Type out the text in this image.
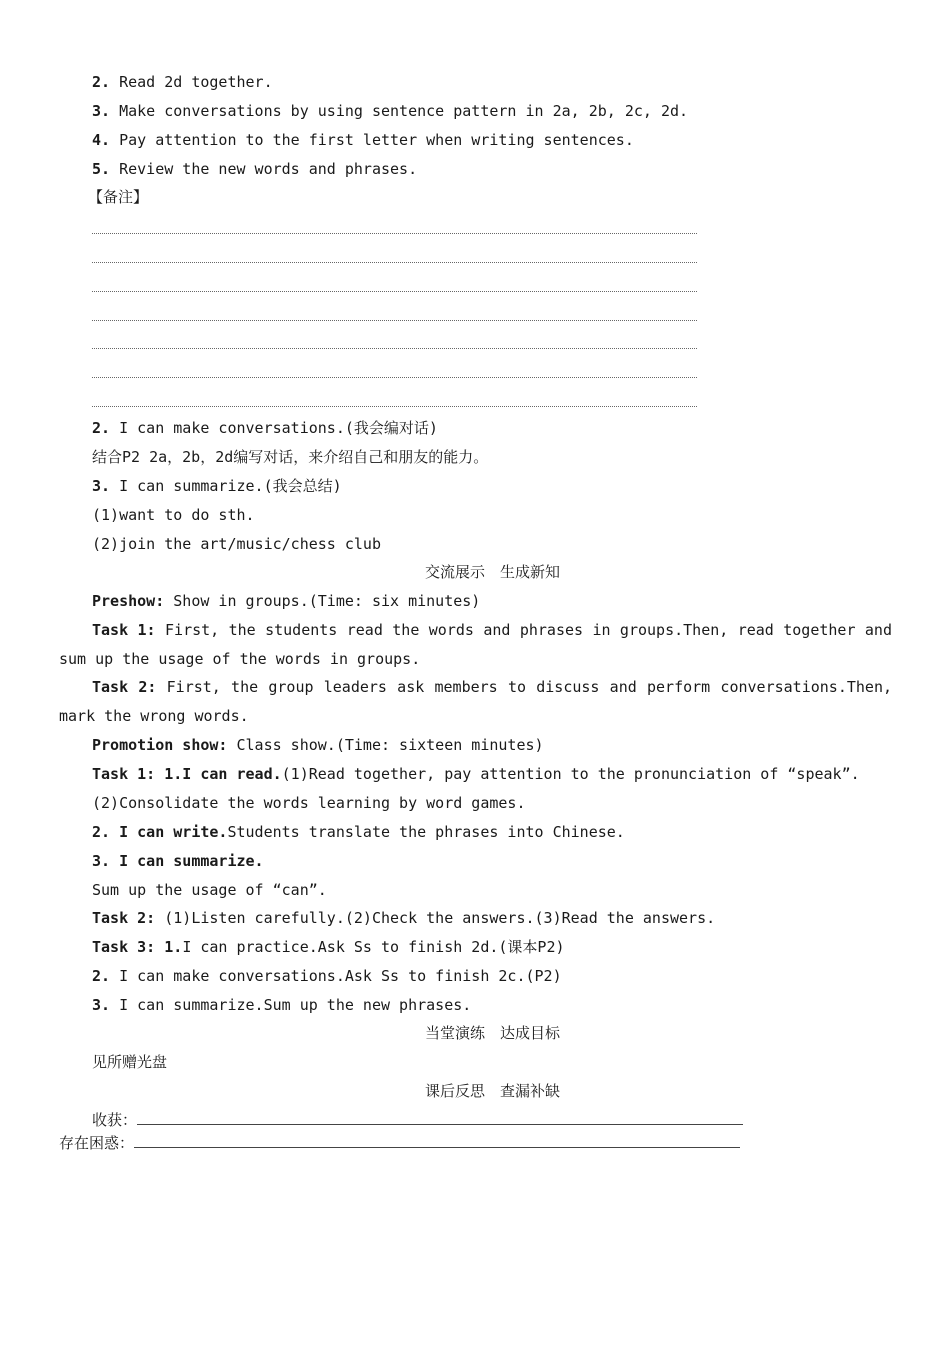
2. Read 2d together.
3. Make conversations by using sentence pattern in 2a, 2b, 2c, 2d.
4. Pay attention to the first letter when writing sentences.
5. Review the new words and phrases.
【备注】
2. I can make conversations.(我会编对话)
结合P2 2a，2b，2d编写对话，来介绍自己和朋友的能力。
3. I can summarize.(我会总结)
(1)want to do sth.
(2)join the art/music/chess club
交流展示　生成新知
Preshow: Show in groups.(Time: six minutes)
Task 1: First, the students read the words and phrases in groups.Then, read together and sum up the usage of the words in groups.
Task 2: First, the group leaders ask members to discuss and perform conversations.Then, mark the wrong words.
Promotion show: Class show.(Time: sixteen minutes)
Task 1: 1.I can read.(1)Read together, pay attention to the pronunciation of “speak”.
(2)Consolidate the words learning by word games.
2. I can write.Students translate the phrases into Chinese.
3. I can summarize.
Sum up the usage of “can”.
Task 2: (1)Listen carefully.(2)Check the answers.(3)Read the answers.
Task 3: 1.I can practice.Ask Ss to finish 2d.(课本P2)
2. I can make conversations.Ask Ss to finish 2c.(P2)
3. I can summarize.Sum up the new phrases.
当堂演练　达成目标
见所赠光盘
课后反思　查漏补缺
收获：
存在困惑：
